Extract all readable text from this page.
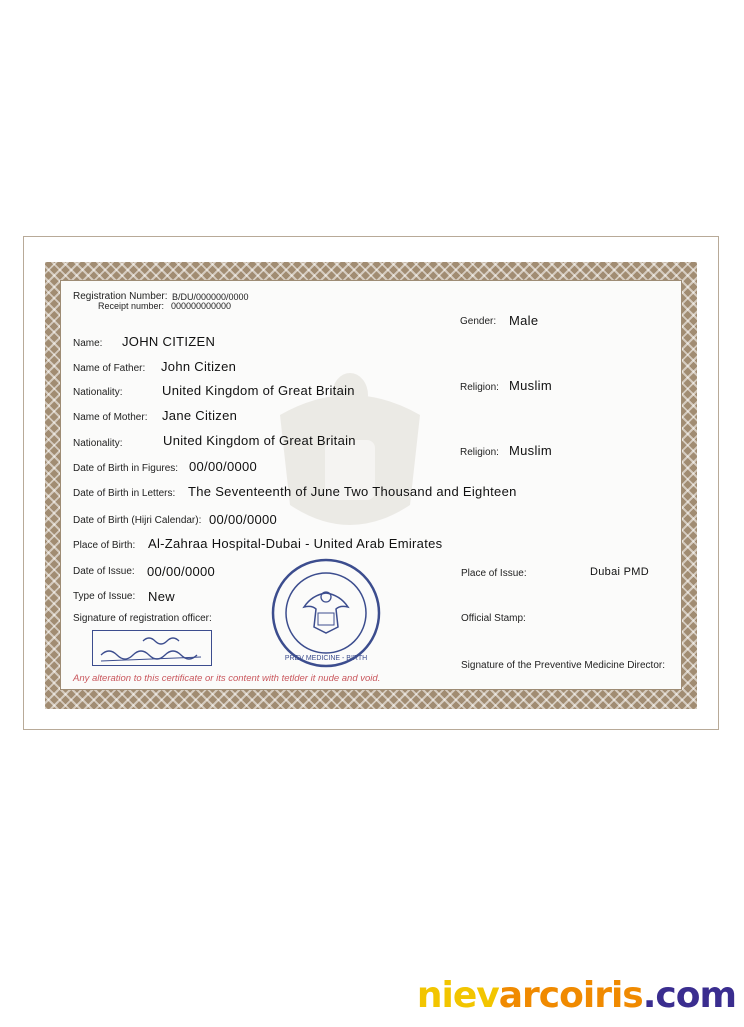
Registration Number: B/DU/000000/0000
Receipt number: 000000000000
Gender: Male
Name: JOHN CITIZEN
Name of Father: John Citizen
Nationality:	United Kingdom of Great Britain	Religion: Muslim
Name of Mother: Jane Citizen
Nationality:	United Kingdom of Great Britain
Religion: Muslim
Date of Birth in Figures: 00/00/0000
Date of Birth in Letters: The Seventeenth of June Two Thousand and Eighteen
Date of Birth (Hijri Calendar): 00/00/0000
Place of Birth: Al-Zahraa Hospital-Dubai - United Arab Emirates
Date of Issue: 00/00/0000	Place of Issue:	Dubai PMD
Type of Issue: New
Signature of registration officer:	Official Stamp:
Signature of the Preventive Medicine Director:
PREV MEDICINE - BIRTH
Any alteration to this certificate or its content with tetlder it nude and void.
nievarcoiris.com
